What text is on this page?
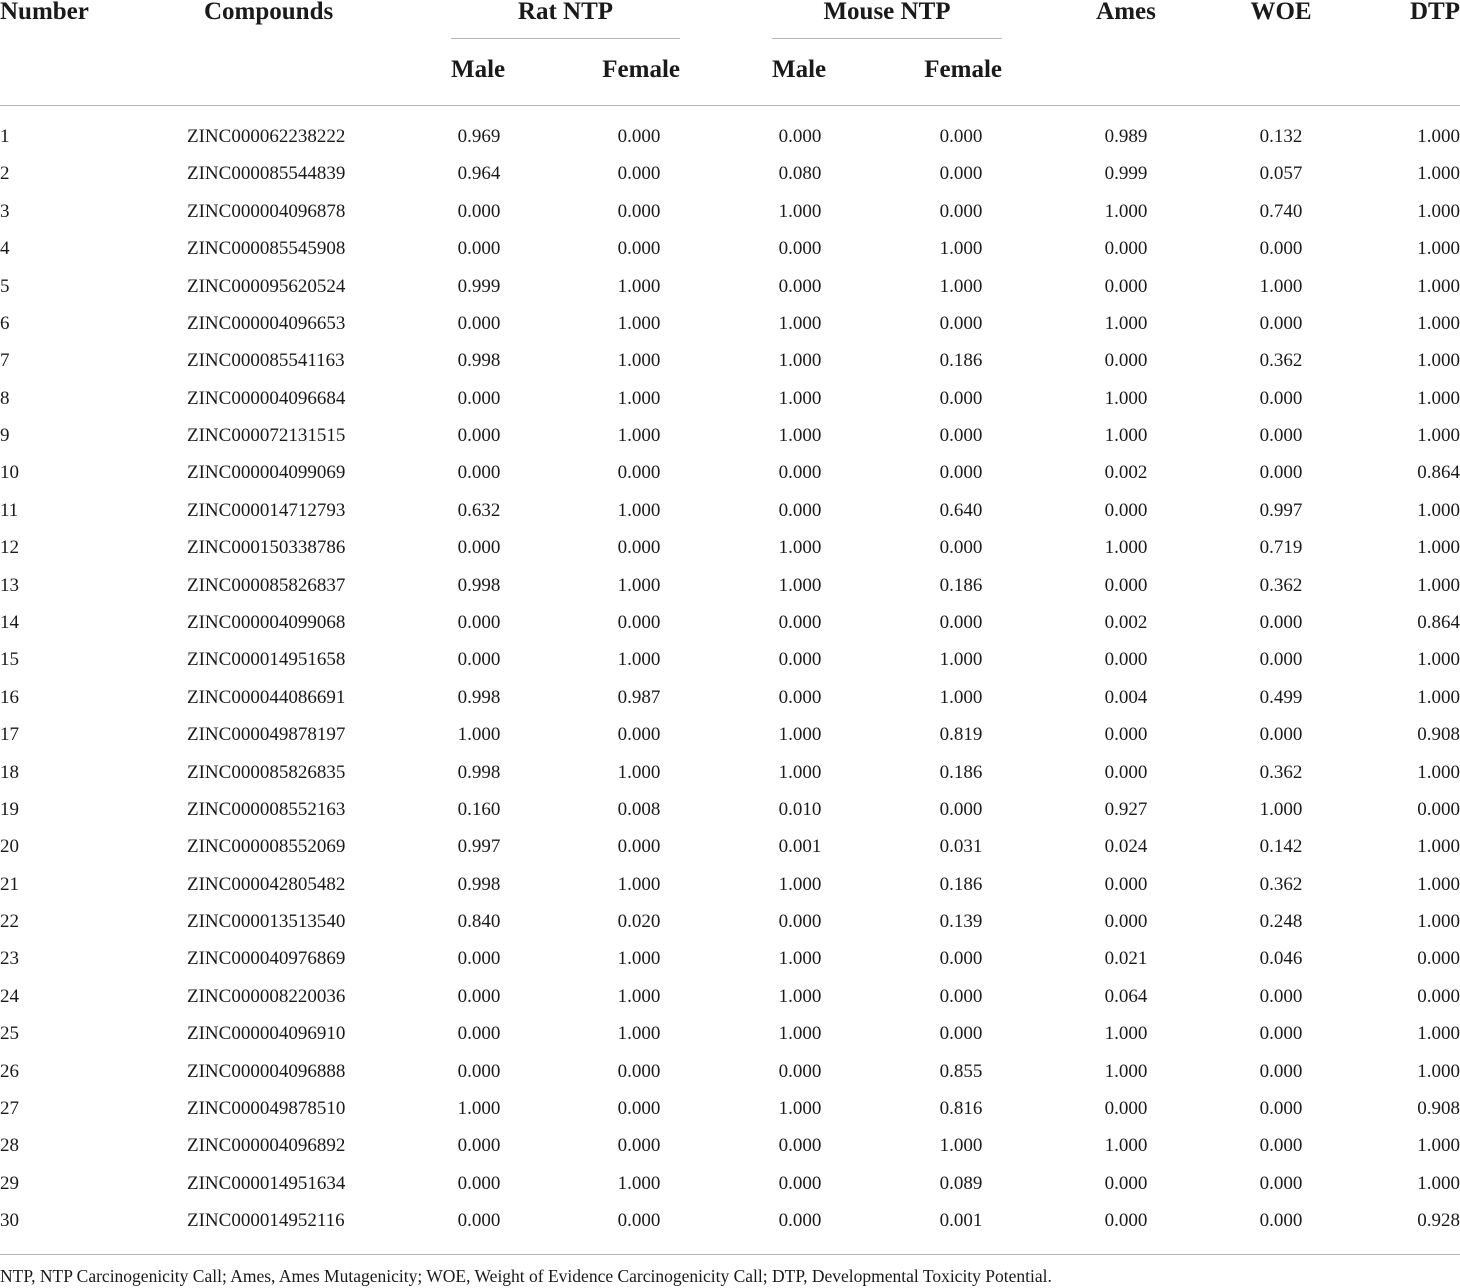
Number	Compounds	Rat NTP	Mouse NTP	Ames	WOE	DTP
Male	Female	Male	Female
1	ZINC000062238222	0.969	0.000	0.000	0.000	0.989	0.132	1.000
2	ZINC000085544839	0.964	0.000	0.080	0.000	0.999	0.057	1.000
3	ZINC000004096878	0.000	0.000	1.000	0.000	1.000	0.740	1.000
4	ZINC000085545908	0.000	0.000	0.000	1.000	0.000	0.000	1.000
5	ZINC000095620524	0.999	1.000	0.000	1.000	0.000	1.000	1.000
6	ZINC000004096653	0.000	1.000	1.000	0.000	1.000	0.000	1.000
7	ZINC000085541163	0.998	1.000	1.000	0.186	0.000	0.362	1.000
8	ZINC000004096684	0.000	1.000	1.000	0.000	1.000	0.000	1.000
9	ZINC000072131515	0.000	1.000	1.000	0.000	1.000	0.000	1.000
10	ZINC000004099069	0.000	0.000	0.000	0.000	0.002	0.000	0.864
11	ZINC000014712793	0.632	1.000	0.000	0.640	0.000	0.997	1.000
12	ZINC000150338786	0.000	0.000	1.000	0.000	1.000	0.719	1.000
13	ZINC000085826837	0.998	1.000	1.000	0.186	0.000	0.362	1.000
14	ZINC000004099068	0.000	0.000	0.000	0.000	0.002	0.000	0.864
15	ZINC000014951658	0.000	1.000	0.000	1.000	0.000	0.000	1.000
16	ZINC000044086691	0.998	0.987	0.000	1.000	0.004	0.499	1.000
17	ZINC000049878197	1.000	0.000	1.000	0.819	0.000	0.000	0.908
18	ZINC000085826835	0.998	1.000	1.000	0.186	0.000	0.362	1.000
19	ZINC000008552163	0.160	0.008	0.010	0.000	0.927	1.000	0.000
20	ZINC000008552069	0.997	0.000	0.001	0.031	0.024	0.142	1.000
21	ZINC000042805482	0.998	1.000	1.000	0.186	0.000	0.362	1.000
22	ZINC000013513540	0.840	0.020	0.000	0.139	0.000	0.248	1.000
23	ZINC000040976869	0.000	1.000	1.000	0.000	0.021	0.046	0.000
24	ZINC000008220036	0.000	1.000	1.000	0.000	0.064	0.000	0.000
25	ZINC000004096910	0.000	1.000	1.000	0.000	1.000	0.000	1.000
26	ZINC000004096888	0.000	0.000	0.000	0.855	1.000	0.000	1.000
27	ZINC000049878510	1.000	0.000	1.000	0.816	0.000	0.000	0.908
28	ZINC000004096892	0.000	0.000	0.000	1.000	1.000	0.000	1.000
29	ZINC000014951634	0.000	1.000	0.000	0.089	0.000	0.000	1.000
30	ZINC000014952116	0.000	0.000	0.000	0.001	0.000	0.000	0.928
NTP, NTP Carcinogenicity Call; Ames, Ames Mutagenicity; WOE, Weight of Evidence Carcinogenicity Call; DTP, Developmental Toxicity Potential.
